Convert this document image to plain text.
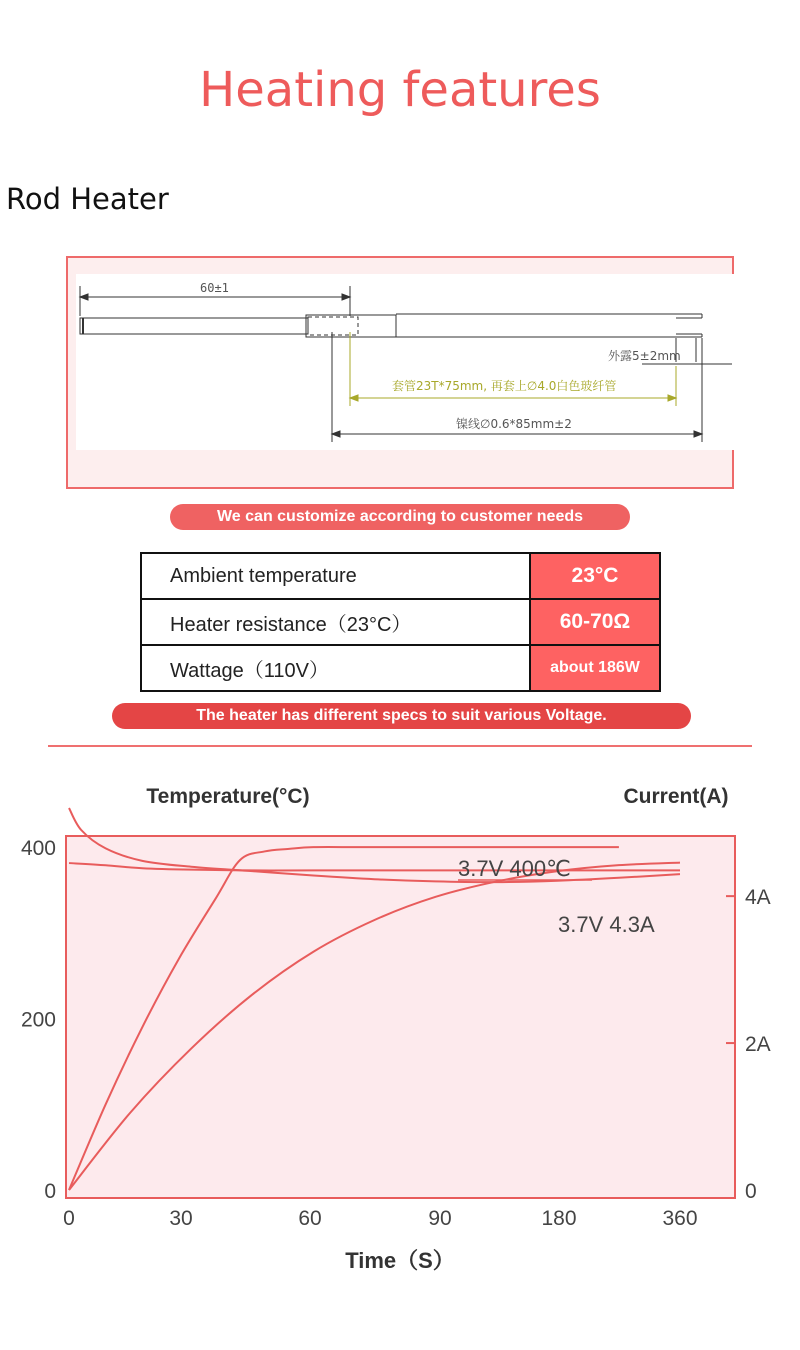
Heating features
Rod Heater
60±1
外露5±2mm
套管23T*75mm, 再套上∅4.0白色玻纤管
镍线∅0.6*85mm±2
We can customize according to customer needs
Ambient temperature	23°C
Heater resistance（23°C）	60-70Ω
Wattage（110V）	about 186W
The heater has different specs to suit various Voltage.
Temperature(°C)	Current(A)
Time（S）
0	30	60	90	180	360
0
200
400
0
2A
4A
3.7V 400℃
3.7V 4.3A
